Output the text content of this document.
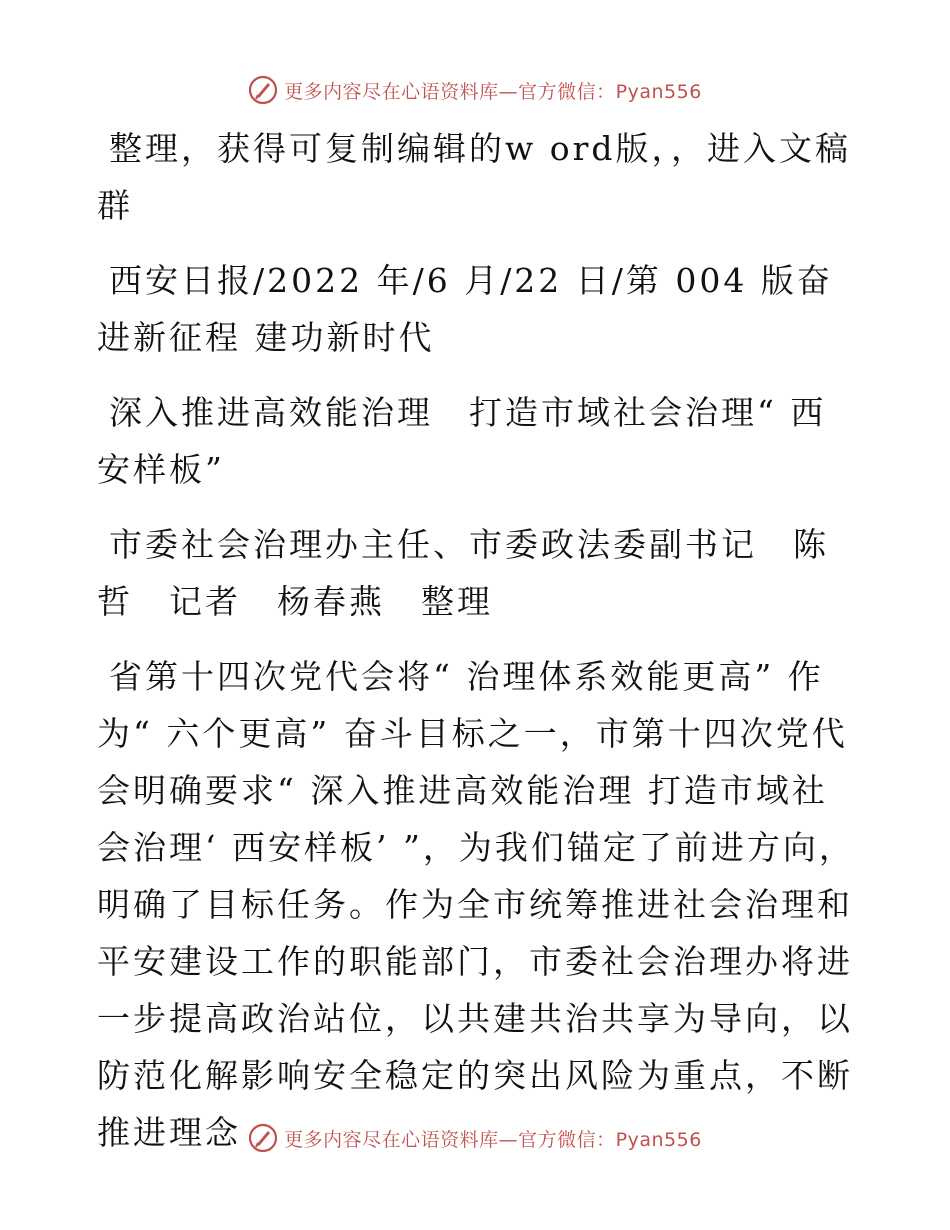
更多内容尽在心语资料库—官方微信：Pyan556

整理，获得可复制编辑的w ord版，，进入文稿群

西安日报/2022 年/6 月/22 日/第 004 版奋进新征程 建功新时代

深入推进高效能治理　打造市域社会治理“ 西安样板”

市委社会治理办主任、市委政法委副书记　陈哲　记者　杨春燕　整理

省第十四次党代会将“ 治理体系效能更高” 作为“ 六个更高” 奋斗目标之一，市第十四次党代会明确要求“ 深入推进高效能治理 打造市域社会治理‘ 西安样板’ ”，为我们锚定了前进方向，明确了目标任务。作为全市统筹推进社会治理和平安建设工作的职能部门，市委社会治理办将进一步提高政治站位，以共建共治共享为导向，以防范化解影响安全稳定的突出风险为重点，不断推进理念	更多内容尽在心语资料库—官方微信：Pyan556
